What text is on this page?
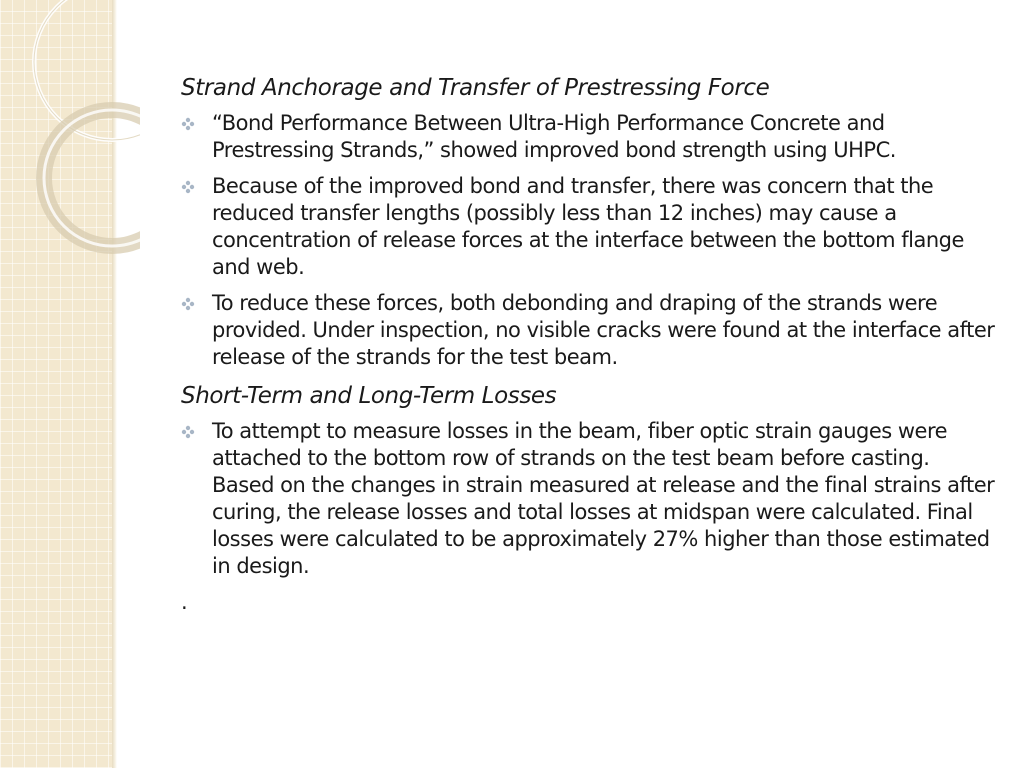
Strand Anchorage and Transfer of Prestressing Force
“Bond Performance Between Ultra-High Performance Concrete and Prestressing Strands,” showed improved bond strength using UHPC.
Because of the improved bond and transfer, there was concern that the reduced transfer lengths (possibly less than 12 inches) may cause a concentration of release forces at the interface between the bottom flange and web.
To reduce these forces, both debonding and draping of the strands were provided. Under inspection, no visible cracks were found at the interface after release of the strands for the test beam.
Short-Term and Long-Term Losses
To attempt to measure losses in the beam, fiber optic strain gauges were attached to the bottom row of strands on the test beam before casting. Based on the changes in strain measured at release and the final strains after curing, the release losses and total losses at midspan were calculated. Final losses were calculated to be approximately 27% higher than those estimated in design.
.
